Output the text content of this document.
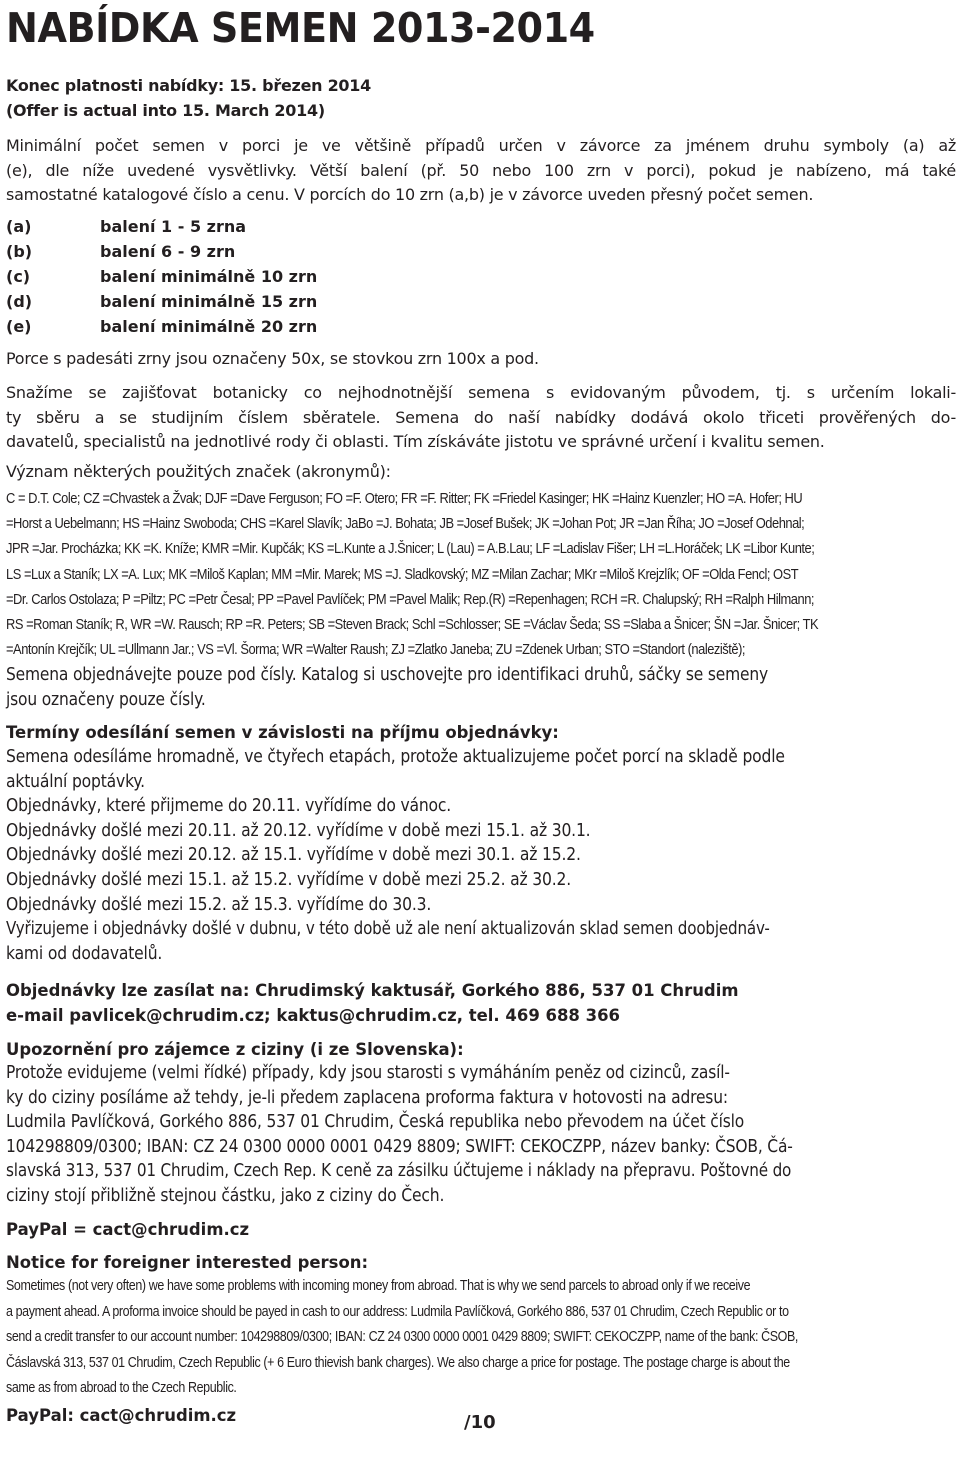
NABÍDKA SEMEN 2013-2014
Konec platnosti nabídky: 15. březen 2014
(Offer is actual into 15. March 2014)
Minimální počet semen v porci je ve většině případů určen v závorce za jménem druhu symboly (a) až
(e), dle níže uvedené vysvětlivky. Větší balení (př. 50 nebo 100 zrn v porci), pokud je nabízeno, má také
samostatné katalogové číslo a cenu. V porcích do 10 zrn (a,b) je v závorce uveden přesný počet semen.
(a)	balení 1 - 5 zrna
(b)	balení 6 - 9 zrn
(c)	balení minimálně 10 zrn
(d)	balení minimálně 15 zrn
(e)	balení minimálně 20 zrn
Porce s padesáti zrny jsou označeny 50x, se stovkou zrn 100x a pod.
Snažíme se zajišťovat botanicky co nejhodnotnější semena s evidovaným původem, tj. s určením lokali-
ty sběru a se studijním číslem sběratele. Semena do naší nabídky dodává okolo třiceti prověřených do-
davatelů, specialistů na jednotlivé rody či oblasti. Tím získáváte jistotu ve správné určení i kvalitu semen.
Význam některých použitých značek (akronymů):
C = D.T. Cole; CZ =Chvastek a Žvak; DJF =Dave Ferguson; FO =F. Otero; FR =F. Ritter; FK =Friedel Kasinger; HK =Hainz Kuenzler; HO =A. Hofer; HU
=Horst a Uebelmann; HS =Hainz Swoboda; CHS =Karel Slavík; JaBo =J. Bohata; JB =Josef Bušek; JK =Johan Pot; JR =Jan Říha; JO =Josef Odehnal;
JPR =Jar. Procházka; KK =K. Kníže; KMR =Mir. Kupčák; KS =L.Kunte a J.Šnicer; L (Lau) = A.B.Lau; LF =Ladislav Fišer; LH =L.Horáček; LK =Libor Kunte;
LS =Lux a Staník; LX =A. Lux; MK =Miloš Kaplan; MM =Mir. Marek; MS =J. Sladkovský; MZ =Milan Zachar; MKr =Miloš Krejzlík; OF =Olda Fencl; OST
=Dr. Carlos Ostolaza; P =Piltz; PC =Petr Česal; PP =Pavel Pavlíček; PM =Pavel Malik; Rep.(R) =Repenhagen; RCH =R. Chalupský; RH =Ralph Hilmann;
RS =Roman Staník; R, WR =W. Rausch; RP =R. Peters; SB =Steven Brack; Schl =Schlosser; SE =Václav Šeda; SS =Slaba a Šnicer; ŠN =Jar. Šnicer; TK
=Antonín Krejčík; UL =Ullmann Jar.; VS =Vl. Šorma; WR =Walter Raush; ZJ =Zlatko Janeba; ZU =Zdenek Urban; STO =Standort (naleziště);
Semena objednávejte pouze pod čísly. Katalog si uschovejte pro identifikaci druhů, sáčky se semeny
jsou označeny pouze čísly.
Termíny odesílání semen v závislosti na příjmu objednávky:
Semena odesíláme hromadně, ve čtyřech etapách, protože aktualizujeme počet porcí na skladě podle
aktuální poptávky.
Objednávky, které přijmeme do 20.11. vyřídíme do vánoc.
Objednávky došlé mezi 20.11. až 20.12. vyřídíme v době mezi 15.1. až 30.1.
Objednávky došlé mezi 20.12. až 15.1. vyřídíme v době mezi 30.1. až 15.2.
Objednávky došlé mezi 15.1. až 15.2. vyřídíme v době mezi 25.2. až 30.2.
Objednávky došlé mezi 15.2. až 15.3. vyřídíme do 30.3.
Vyřizujeme i objednávky došlé v dubnu, v této době už ale není aktualizován sklad semen doobjednáv-
kami od dodavatelů.
Objednávky lze zasílat na: Chrudimský kaktusář, Gorkého 886, 537 01 Chrudim
e-mail pavlicek@chrudim.cz; kaktus@chrudim.cz, tel. 469 688 366
Upozornění pro zájemce z ciziny (i ze Slovenska):
Protože evidujeme (velmi řídké) případy, kdy jsou starosti s vymáháním peněz od cizinců, zasíl-
ky do ciziny posíláme až tehdy, je-li předem zaplacena proforma faktura v hotovosti na adresu:
Ludmila Pavlíčková, Gorkého 886, 537 01 Chrudim, Česká republika nebo převodem na účet číslo
104298809/0300; IBAN: CZ 24 0300 0000 0001 0429 8809; SWIFT: CEKOCZPP, název banky: ČSOB, Čá-
slavská 313, 537 01 Chrudim, Czech Rep. K ceně za zásilku účtujeme i náklady na přepravu. Poštovné do
ciziny stojí přibližně stejnou částku, jako z ciziny do Čech.
PayPal = cact@chrudim.cz
Notice for foreigner interested person:
Sometimes (not very often) we have some problems with incoming money from abroad. That is why we send parcels to abroad only if we receive
a payment ahead. A proforma invoice should be payed in cash to our address: Ludmila Pavlíčková, Gorkého 886, 537 01 Chrudim, Czech Republic or to
send a credit transfer to our account number: 104298809/0300; IBAN: CZ 24 0300 0000 0001 0429 8809; SWIFT: CEKOCZPP, name of the bank: ČSOB,
Čáslavská 313, 537 01 Chrudim, Czech Republic (+ 6 Euro thievish bank charges). We also charge a price for postage. The postage charge is about the
same as from abroad to the Czech Republic.
PayPal: cact@chrudim.cz	/10
